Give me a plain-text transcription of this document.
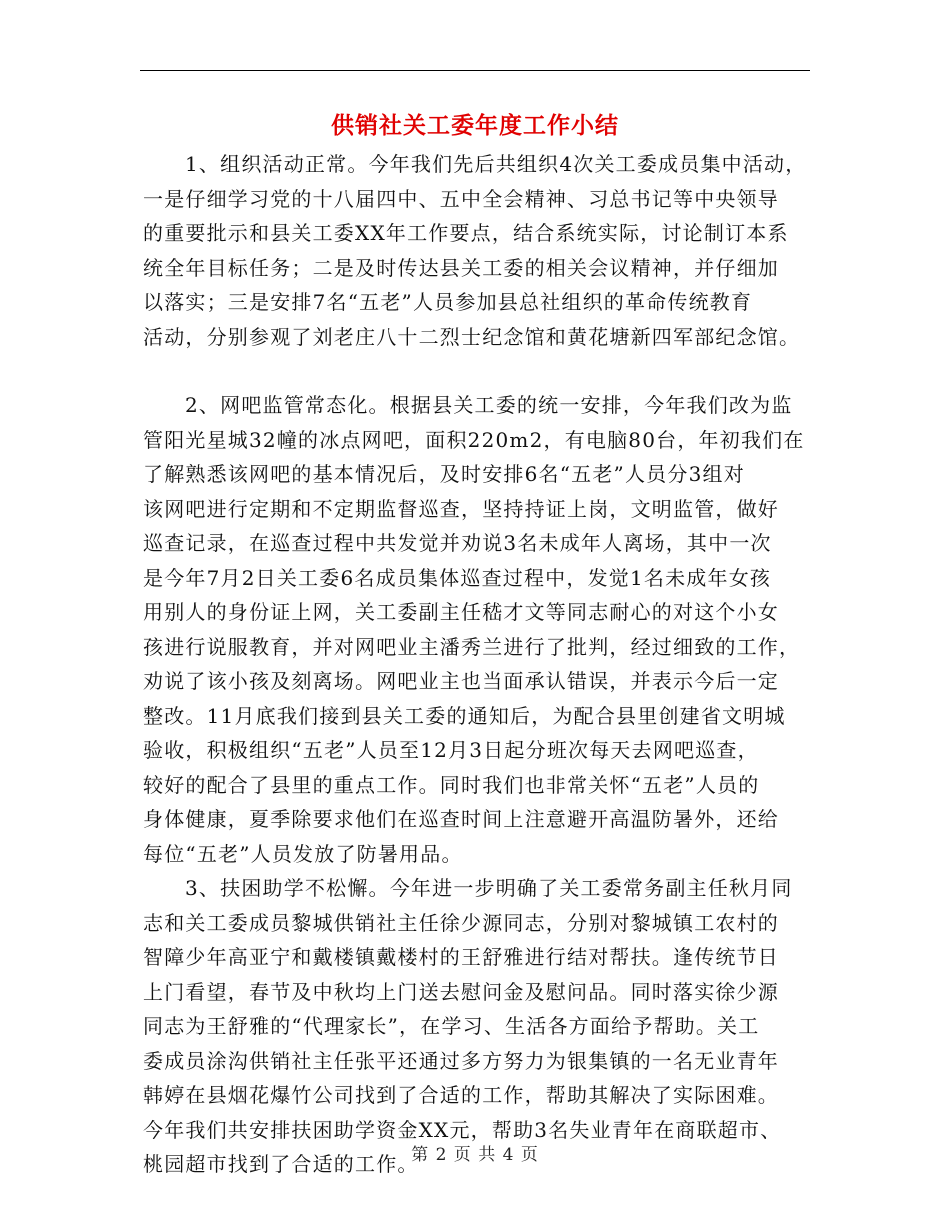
供销社关工委年度工作小结
1、组织活动正常。今年我们先后共组织4次关工委成员集中活动，
一是仔细学习党的十八届四中、五中全会精神、习总书记等中央领导
的重要批示和县关工委XX年工作要点，结合系统实际，讨论制订本系
统全年目标任务；二是及时传达县关工委的相关会议精神，并仔细加
以落实；三是安排7名“五老”人员参加县总社组织的革命传统教育
活动，分别参观了刘老庄八十二烈士纪念馆和黄花塘新四军部纪念馆。
2、网吧监管常态化。根据县关工委的统一安排，今年我们改为监
管阳光星城32幢的冰点网吧，面积220m2，有电脑80台，年初我们在
了解熟悉该网吧的基本情况后，及时安排6名“五老”人员分3组对
该网吧进行定期和不定期监督巡查，坚持持证上岗，文明监管，做好
巡查记录，在巡查过程中共发觉并劝说3名未成年人离场，其中一次
是今年7月2日关工委6名成员集体巡查过程中，发觉1名未成年女孩
用别人的身份证上网，关工委副主任嵇才文等同志耐心的对这个小女
孩进行说服教育，并对网吧业主潘秀兰进行了批判，经过细致的工作，
劝说了该小孩及刻离场。网吧业主也当面承认错误，并表示今后一定
整改。11月底我们接到县关工委的通知后，为配合县里创建省文明城
验收，积极组织“五老”人员至12月3日起分班次每天去网吧巡查，
较好的配合了县里的重点工作。同时我们也非常关怀“五老”人员的
身体健康，夏季除要求他们在巡查时间上注意避开高温防暑外，还给
每位“五老”人员发放了防暑用品。
3、扶困助学不松懈。今年进一步明确了关工委常务副主任秋月同
志和关工委成员黎城供销社主任徐少源同志，分别对黎城镇工农村的
智障少年高亚宁和戴楼镇戴楼村的王舒雅进行结对帮扶。逢传统节日
上门看望，春节及中秋均上门送去慰问金及慰问品。同时落实徐少源
同志为王舒雅的“代理家长”，在学习、生活各方面给予帮助。关工
委成员涂沟供销社主任张平还通过多方努力为银集镇的一名无业青年
韩婷在县烟花爆竹公司找到了合适的工作，帮助其解决了实际困难。
今年我们共安排扶困助学资金XX元，帮助3名失业青年在商联超市、
桃园超市找到了合适的工作。
第 2 页 共 4 页
